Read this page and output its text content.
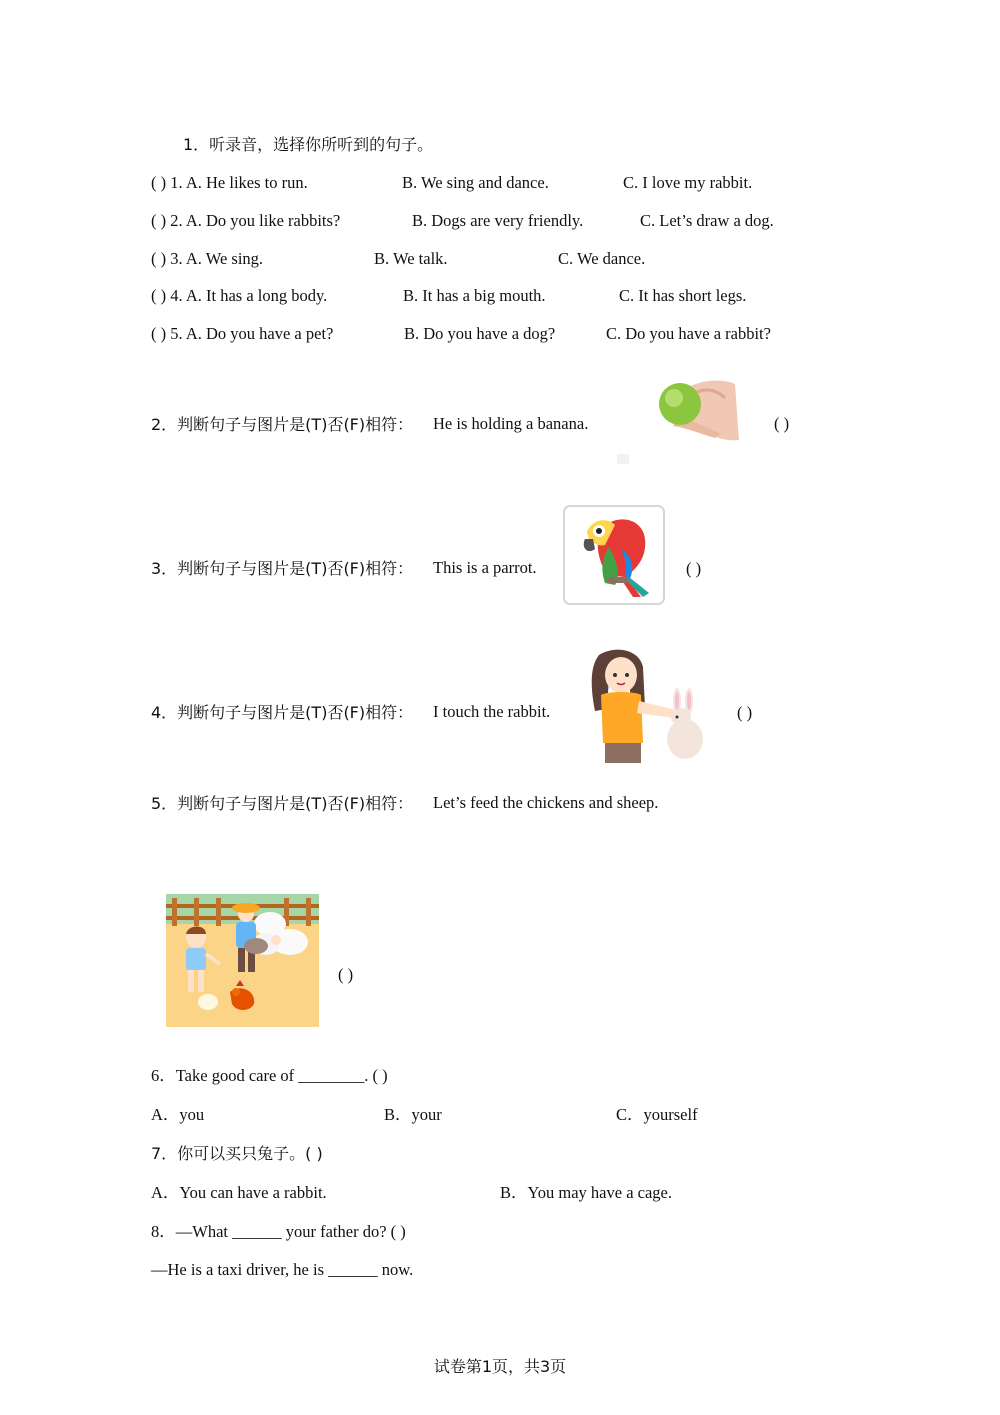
1．听录音，选择你所听到的句子。
( ) 1. A. He likes to run.	B. We sing and dance.	C. I love my rabbit.
( ) 2. A. Do you like rabbits?	B. Dogs are very friendly.	C. Let’s draw a dog.
( ) 3. A. We sing.	B. We talk.	C. We dance.
( ) 4. A. It has a long body.	B. It has a big mouth.	C. It has short legs.
( ) 5. A. Do you have a pet?	B. Do you have a dog?	C. Do you have a rabbit?
2．判断句子与图片是(T)否(F)相符： He is holding a banana.	( )
3．判断句子与图片是(T)否(F)相符： This is a parrot.	( )
4．判断句子与图片是(T)否(F)相符： I touch the rabbit.	( )
5．判断句子与图片是(T)否(F)相符： Let’s feed the chickens and sheep.
( )
6．Take good care of ________. ( )
A．you	B．your	C．yourself
7．你可以买只兔子。( )
A．You can have a rabbit.	B．You may have a cage.
8．—What ______ your father do? ( )
—He is a taxi driver, he is ______ now.
试卷第1页，共3页
